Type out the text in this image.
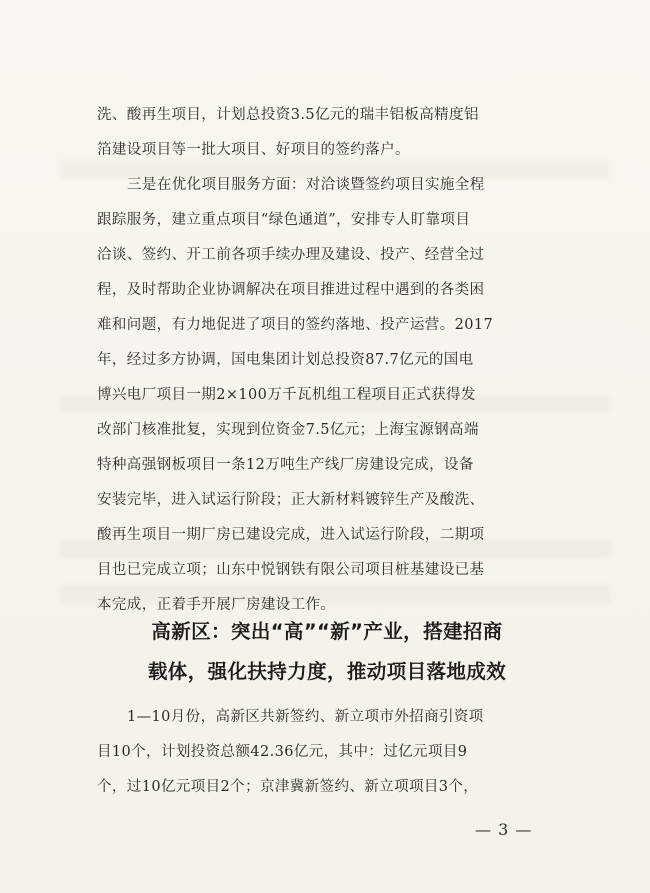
洗、酸再生项目，计划总投资3.5亿元的瑞丰铝板高精度铝
箔建设项目等一批大项目、好项目的签约落户。
三是在优化项目服务方面：对洽谈暨签约项目实施全程
跟踪服务，建立重点项目“绿色通道”，安排专人盯靠项目
洽谈、签约、开工前各项手续办理及建设、投产、经营全过
程，及时帮助企业协调解决在项目推进过程中遇到的各类困
难和问题，有力地促进了项目的签约落地、投产运营。2017
年，经过多方协调，国电集团计划总投资87.7亿元的国电
博兴电厂项目一期2×100万千瓦机组工程项目正式获得发
改部门核准批复，实现到位资金7.5亿元；上海宝源钢高端
特种高强钢板项目一条12万吨生产线厂房建设完成，设备
安装完毕，进入试运行阶段；正大新材料镀锌生产及酸洗、
酸再生项目一期厂房已建设完成，进入试运行阶段，二期项
目也已完成立项；山东中悦钢铁有限公司项目桩基建设已基
本完成，正着手开展厂房建设工作。
高新区：突出“高”“新”产业，搭建招商
载体，强化扶持力度，推动项目落地成效
1—10月份，高新区共新签约、新立项市外招商引资项
目10个，计划投资总额42.36亿元，其中：过亿元项目9
个，过10亿元项目2个；京津冀新签约、新立项项目3个，
— 3 —
